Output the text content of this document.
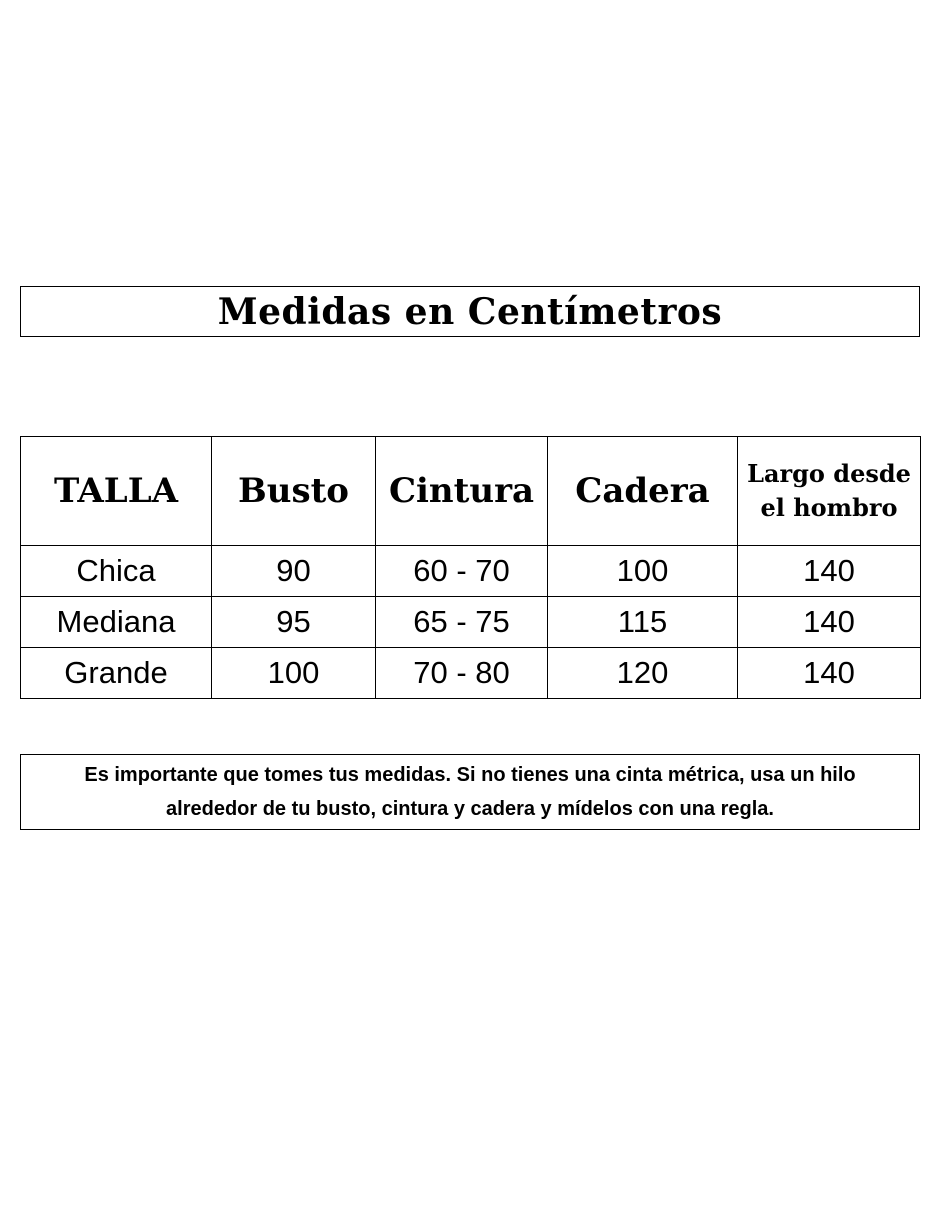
Medidas en Centímetros
TALLA	Busto	Cintura	Cadera	Largo desde
el hombro
Chica	90	60 - 70	100	140
Mediana	95	65 - 75	115	140
Grande	100	70 - 80	120	140
Es importante que tomes tus medidas. Si no tienes una cinta métrica, usa un hilo
alrededor de tu busto, cintura y cadera y mídelos con una regla.
